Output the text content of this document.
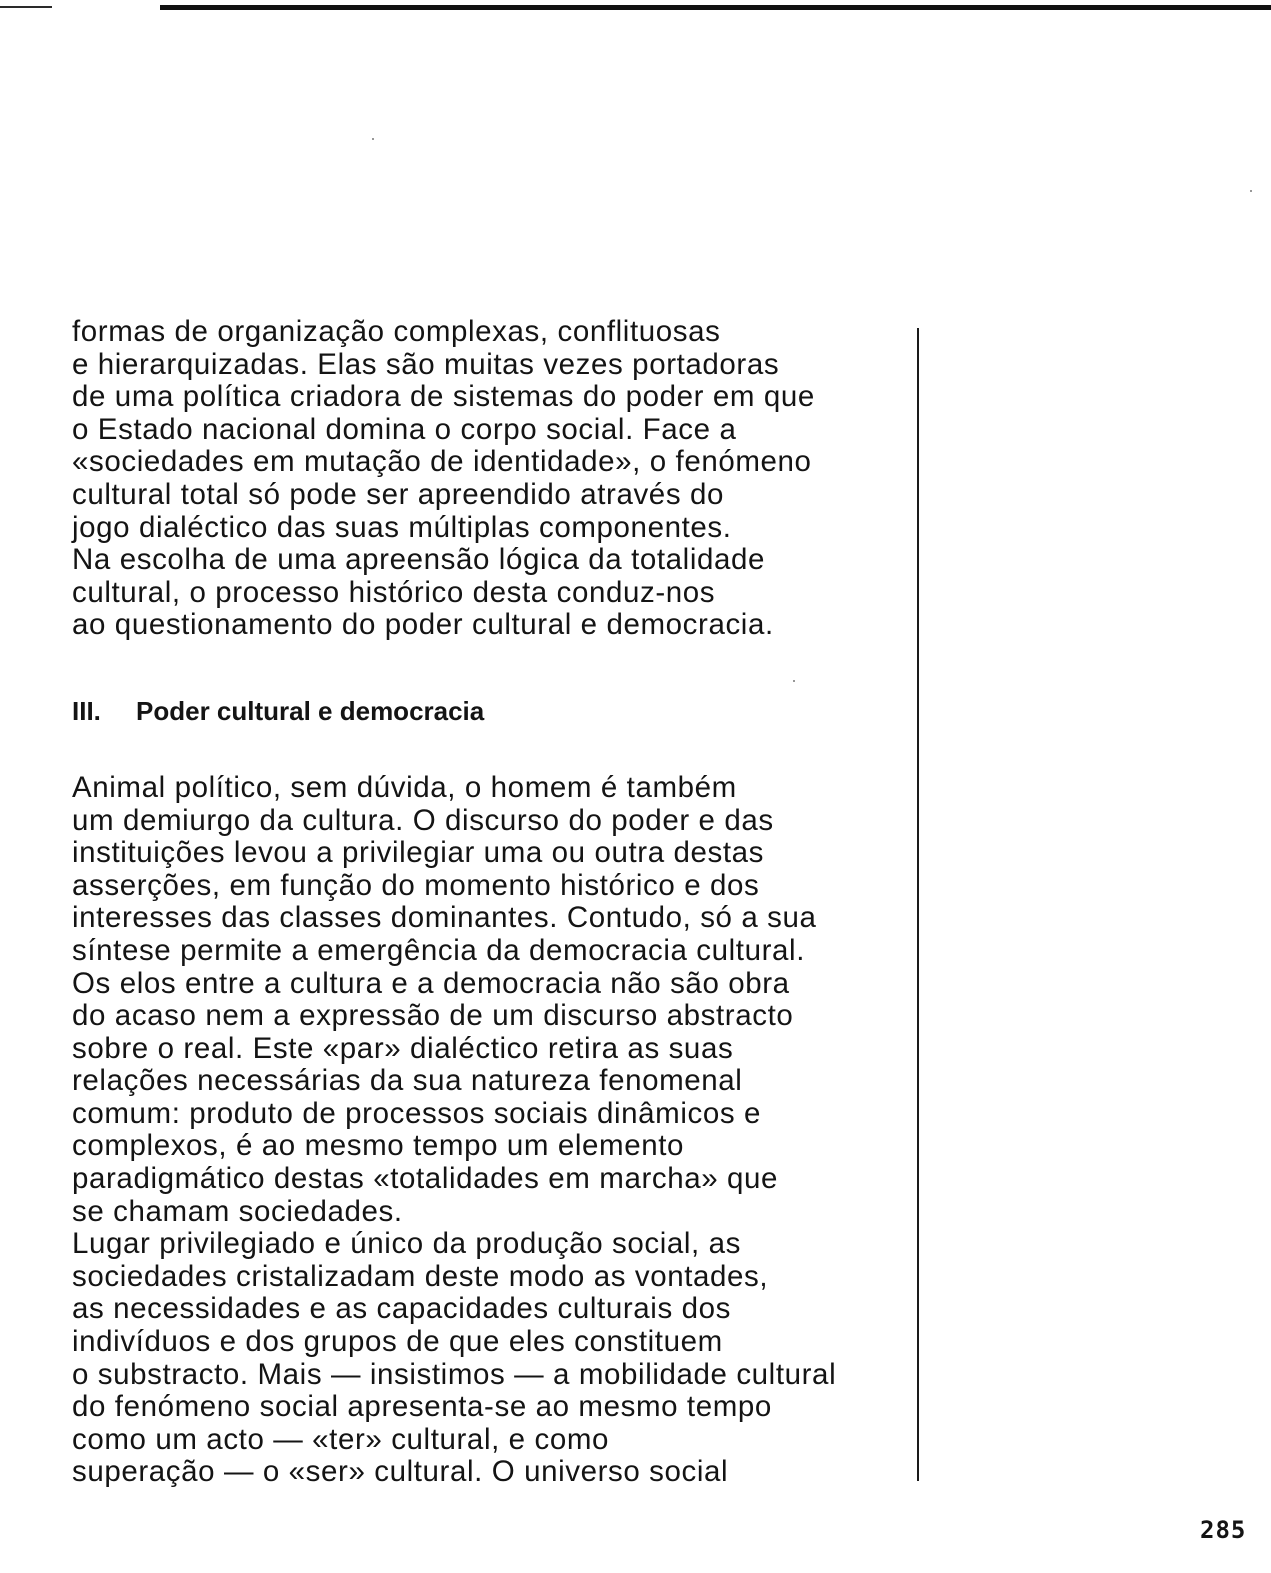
formas de organização complexas, conflituosas
e hierarquizadas. Elas são muitas vezes portadoras
de uma política criadora de sistemas do poder em que
o Estado nacional domina o corpo social. Face a
«sociedades em mutação de identidade», o fenómeno
cultural total só pode ser apreendido através do
jogo dialéctico das suas múltiplas componentes.
Na escolha de uma apreensão lógica da totalidade
cultural, o processo histórico desta conduz-nos
ao questionamento do poder cultural e democracia.
III. Poder cultural e democracia
Animal político, sem dúvida, o homem é também
um demiurgo da cultura. O discurso do poder e das
instituições levou a privilegiar uma ou outra destas
asserções, em função do momento histórico e dos
interesses das classes dominantes. Contudo, só a sua
síntese permite a emergência da democracia cultural.
Os elos entre a cultura e a democracia não são obra
do acaso nem a expressão de um discurso abstracto
sobre o real. Este «par» dialéctico retira as suas
relações necessárias da sua natureza fenomenal
comum: produto de processos sociais dinâmicos e
complexos, é ao mesmo tempo um elemento
paradigmático destas «totalidades em marcha» que
se chamam sociedades.
Lugar privilegiado e único da produção social, as
sociedades cristalizadam deste modo as vontades,
as necessidades e as capacidades culturais dos
indivíduos e dos grupos de que eles constituem
o substracto. Mais — insistimos — a mobilidade cultural
do fenómeno social apresenta-se ao mesmo tempo
como um acto — «ter» cultural, e como
superação — o «ser» cultural. O universo social
285
